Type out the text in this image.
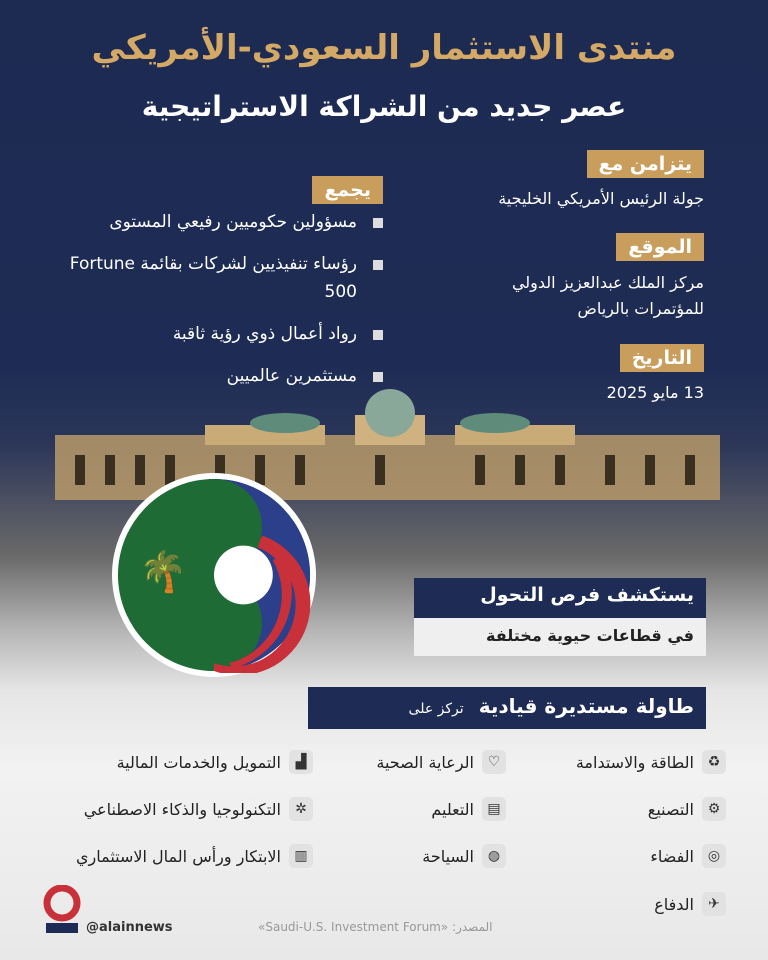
منتدى الاستثمار السعودي-الأمريكي
عصر جديد من الشراكة الاستراتيجية
يتزامن مع
جولة الرئيس الأمريكي الخليجية
الموقع
مركز الملك عبدالعزيز الدولي
للمؤتمرات بالرياض
التاريخ
13 مايو 2025
يجمع
مسؤولين حكوميين رفيعي المستوى
رؤساء تنفيذيين لشركات بقائمة Fortune 500
رواد أعمال ذوي رؤية ثاقبة
مستثمرين عالميين
🌴
يستكشف فرص التحول
في قطاعات حيوية مختلفة
طاولة مستديرة قيادية تركز على
♻
الطاقة والاستدامة
♡
الرعاية الصحية
▟
التمويل والخدمات المالية
⚙
التصنيع
▤
التعليم
✲
التكنولوجيا والذكاء الاصطناعي
◎
الفضاء
◍
السياحة
▥
الابتكار ورأس المال الاستثماري
✈
الدفاع
المصدر: «Saudi-U.S. Investment Forum»
@alainnews
